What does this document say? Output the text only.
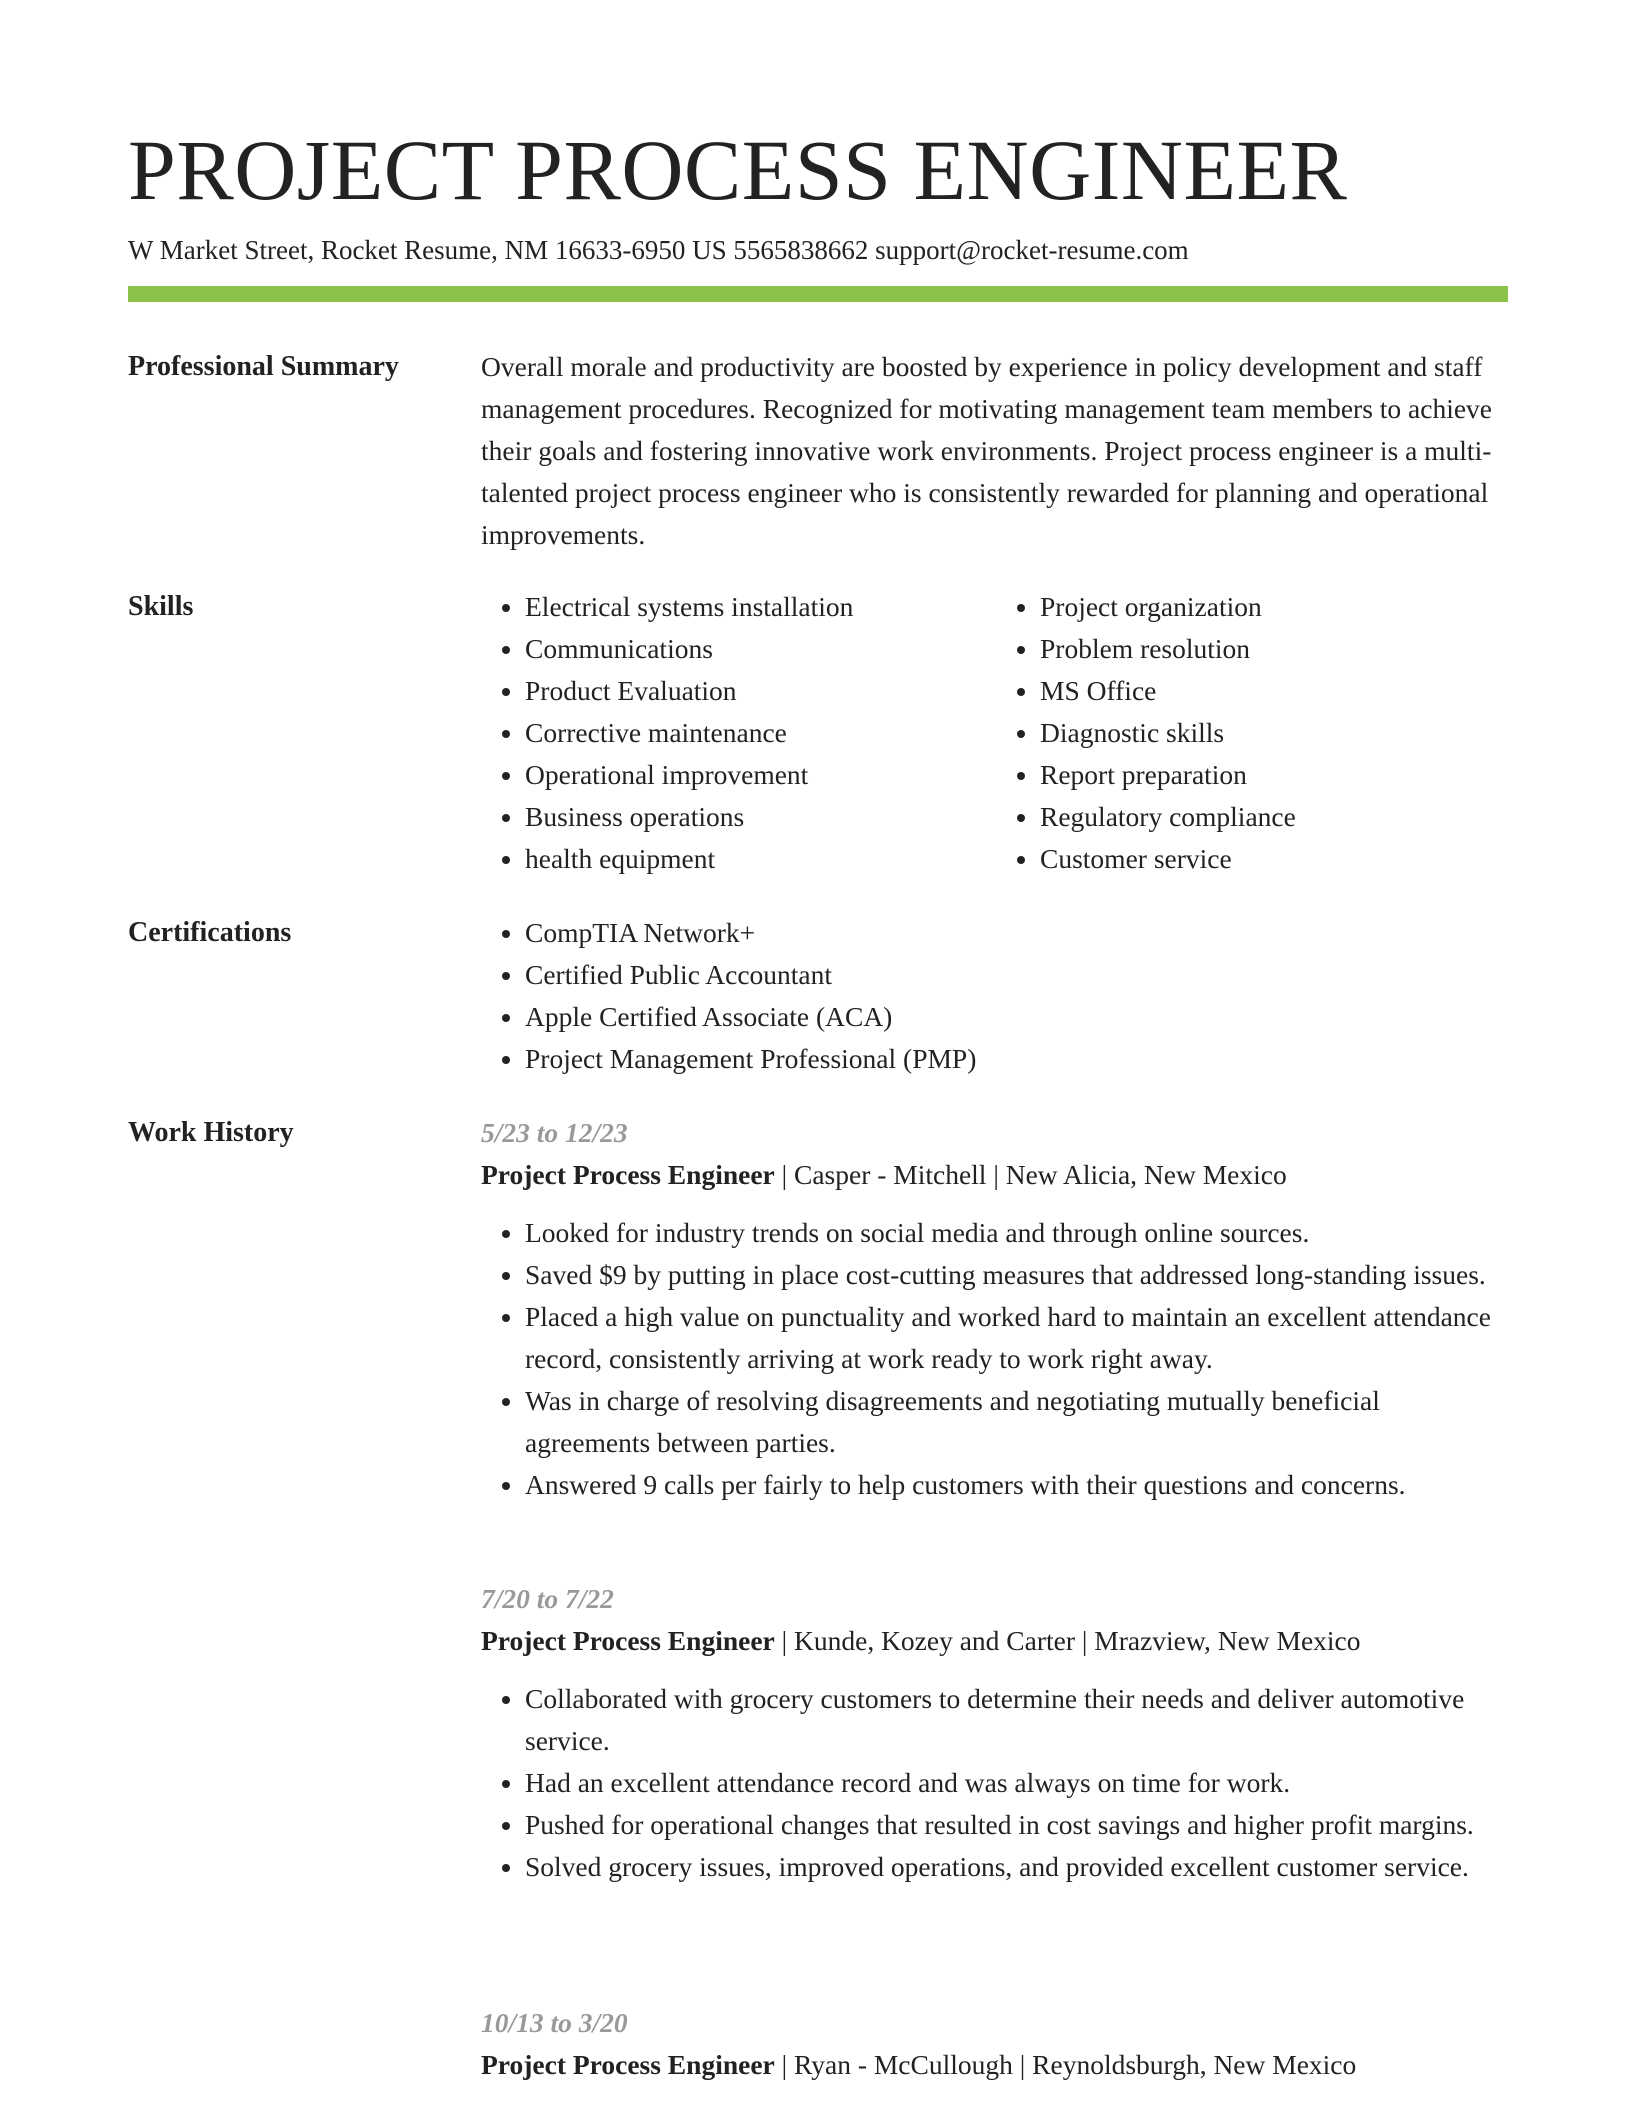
PROJECT PROCESS ENGINEER
W Market Street, Rocket Resume, NM 16633-6950 US 5565838662 support@rocket-resume.com
Professional Summary	Overall morale and productivity are boosted by experience in policy development and staff management procedures. Recognized for motivating management team members to achieve their goals and fostering innovative work environments. Project process engineer is a multi-talented project process engineer who is consistently rewarded for planning and operational improvements.

Skills	• Electrical systems installation
• Communications
• Product Evaluation
• Corrective maintenance
• Operational improvement
• Business operations
• health equipment
• Project organization
• Problem resolution
• MS Office
• Diagnostic skills
• Report preparation
• Regulatory compliance
• Customer service
Certifications	• CompTIA Network+
• Certified Public Accountant
• Apple Certified Associate (ACA)
• Project Management Professional (PMP)
Work History	5/23 to 12/23
Project Process Engineer | Casper - Mitchell | New Alicia, New Mexico
• Looked for industry trends on social media and through online sources.
• Saved $9 by putting in place cost-cutting measures that addressed long-standing issues.
• Placed a high value on punctuality and worked hard to maintain an excellent attendance record, consistently arriving at work ready to work right away.
• Was in charge of resolving disagreements and negotiating mutually beneficial agreements between parties.
• Answered 9 calls per fairly to help customers with their questions and concerns.
7/20 to 7/22
Project Process Engineer | Kunde, Kozey and Carter | Mrazview, New Mexico
• Collaborated with grocery customers to determine their needs and deliver automotive service.
• Had an excellent attendance record and was always on time for work.
• Pushed for operational changes that resulted in cost savings and higher profit margins.
• Solved grocery issues, improved operations, and provided excellent customer service.
10/13 to 3/20
Project Process Engineer | Ryan - McCullough | Reynoldsburgh, New Mexico
